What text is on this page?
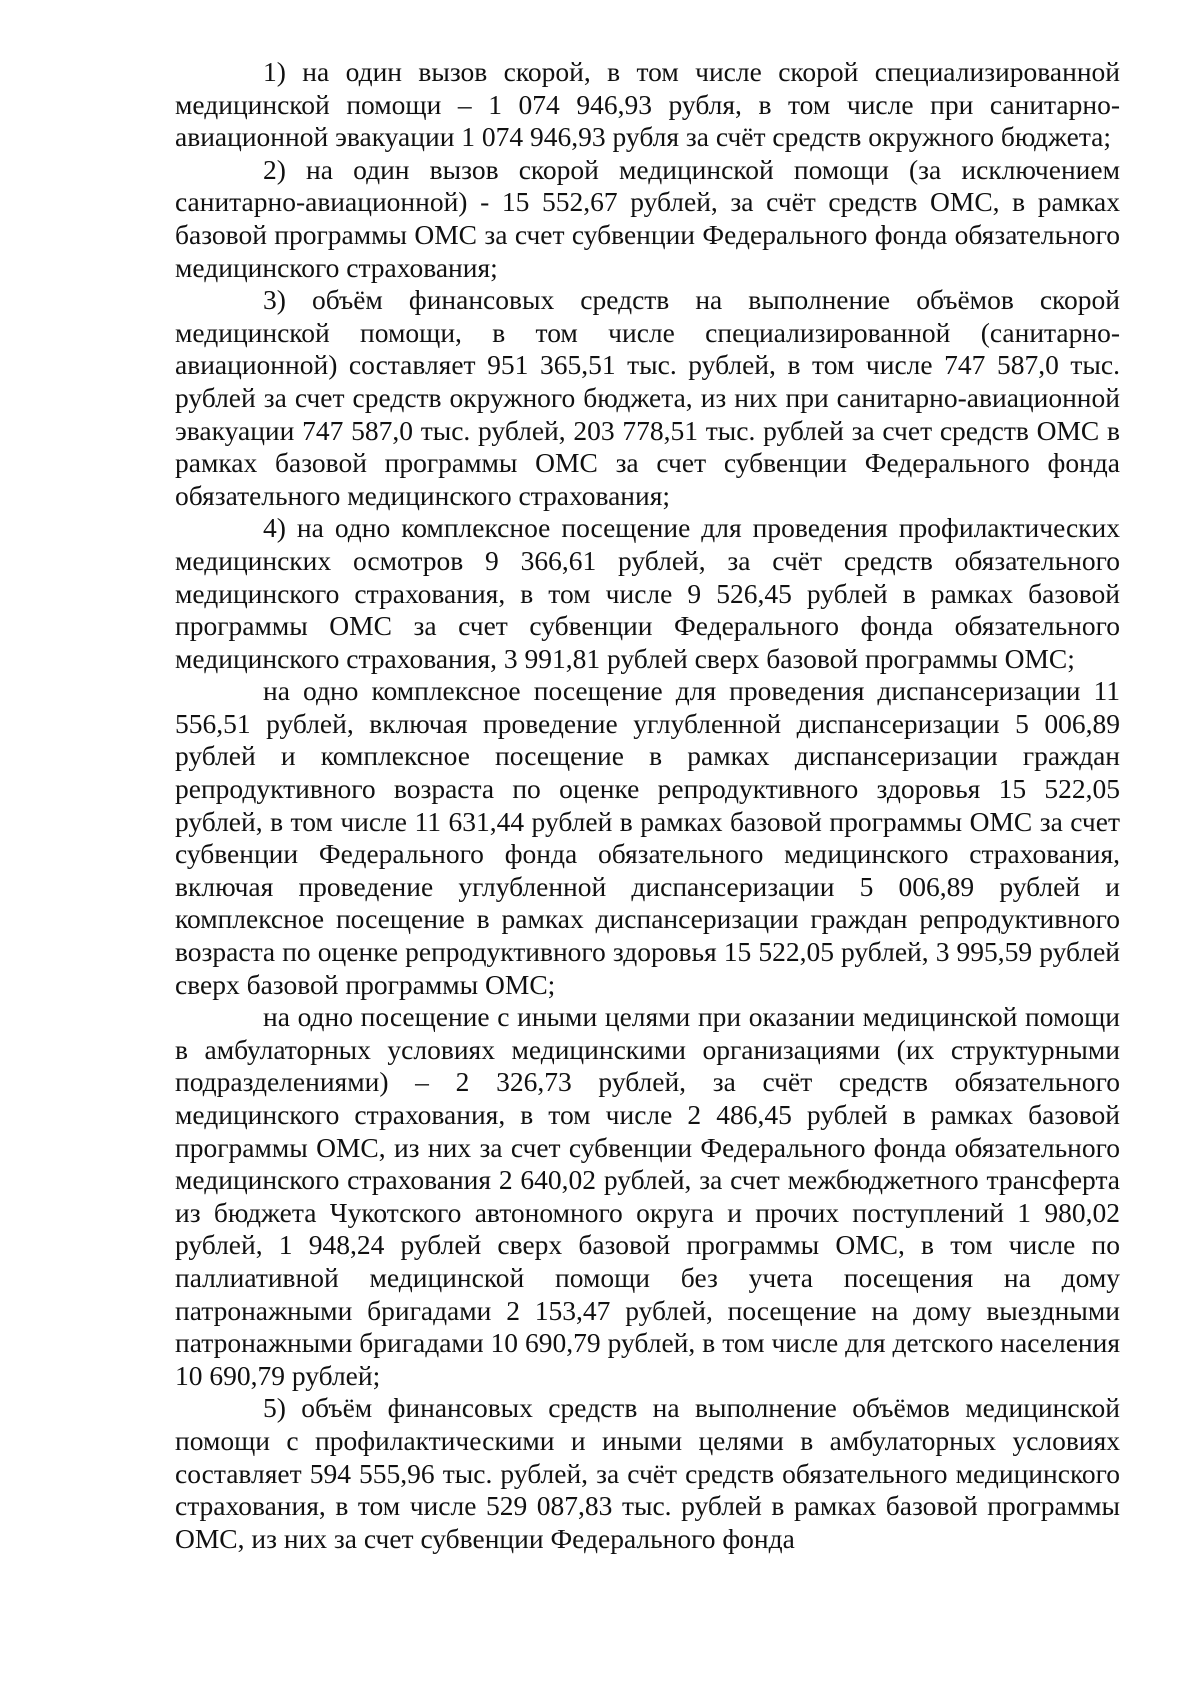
1) на один вызов скорой, в том числе скорой специализированной медицинской помощи – 1 074 946,93 рубля, в том числе при санитарно-авиационной эвакуации 1 074 946,93 рубля за счёт средств окружного бюджета;

2) на один вызов скорой медицинской помощи (за исключением санитарно-авиационной) - 15 552,67 рублей, за счёт средств ОМС, в рамках базовой программы ОМС за счет субвенции Федерального фонда обязательного медицинского страхования;

3) объём финансовых средств на выполнение объёмов скорой медицинской помощи, в том числе специализированной (санитарно-авиационной) составляет 951 365,51 тыс. рублей, в том числе 747 587,0 тыс. рублей за счет средств окружного бюджета, из них при санитарно-авиационной эвакуации 747 587,0 тыс. рублей, 203 778,51 тыс. рублей за счет средств ОМС в рамках базовой программы ОМС за счет субвенции Федерального фонда обязательного медицинского страхования;

4) на одно комплексное посещение для проведения профилактических медицинских осмотров 9 366,61 рублей, за счёт средств обязательного медицинского страхования, в том числе 9 526,45 рублей в рамках базовой программы ОМС за счет субвенции Федерального фонда обязательного медицинского страхования, 3 991,81 рублей сверх базовой программы ОМС;

на одно комплексное посещение для проведения диспансеризации 11 556,51 рублей, включая проведение углубленной диспансеризации 5 006,89 рублей и комплексное посещение в рамках диспансеризации граждан репродуктивного возраста по оценке репродуктивного здоровья 15 522,05 рублей, в том числе 11 631,44 рублей в рамках базовой программы ОМС за счет субвенции Федерального фонда обязательного медицинского страхования, включая проведение углубленной диспансеризации 5 006,89 рублей и комплексное посещение в рамках диспансеризации граждан репродуктивного возраста по оценке репродуктивного здоровья 15 522,05 рублей, 3 995,59 рублей сверх базовой программы ОМС;

на одно посещение с иными целями при оказании медицинской помощи в амбулаторных условиях медицинскими организациями (их структурными подразделениями) – 2 326,73 рублей, за счёт средств обязательного медицинского страхования, в том числе 2 486,45 рублей в рамках базовой программы ОМС, из них за счет субвенции Федерального фонда обязательного медицинского страхования 2 640,02 рублей, за счет межбюджетного трансферта из бюджета Чукотского автономного округа и прочих поступлений 1 980,02 рублей, 1 948,24 рублей сверх базовой программы ОМС, в том числе по паллиативной медицинской помощи без учета посещения на дому патронажными бригадами 2 153,47 рублей, посещение на дому выездными патронажными бригадами 10 690,79 рублей, в том числе для детского населения 10 690,79 рублей;

5) объём финансовых средств на выполнение объёмов медицинской помощи с профилактическими и иными целями в амбулаторных условиях составляет 594 555,96 тыс. рублей, за счёт средств обязательного медицинского страхования, в том числе 529 087,83 тыс. рублей в рамках базовой программы ОМС, из них за счет субвенции Федерального фонда
